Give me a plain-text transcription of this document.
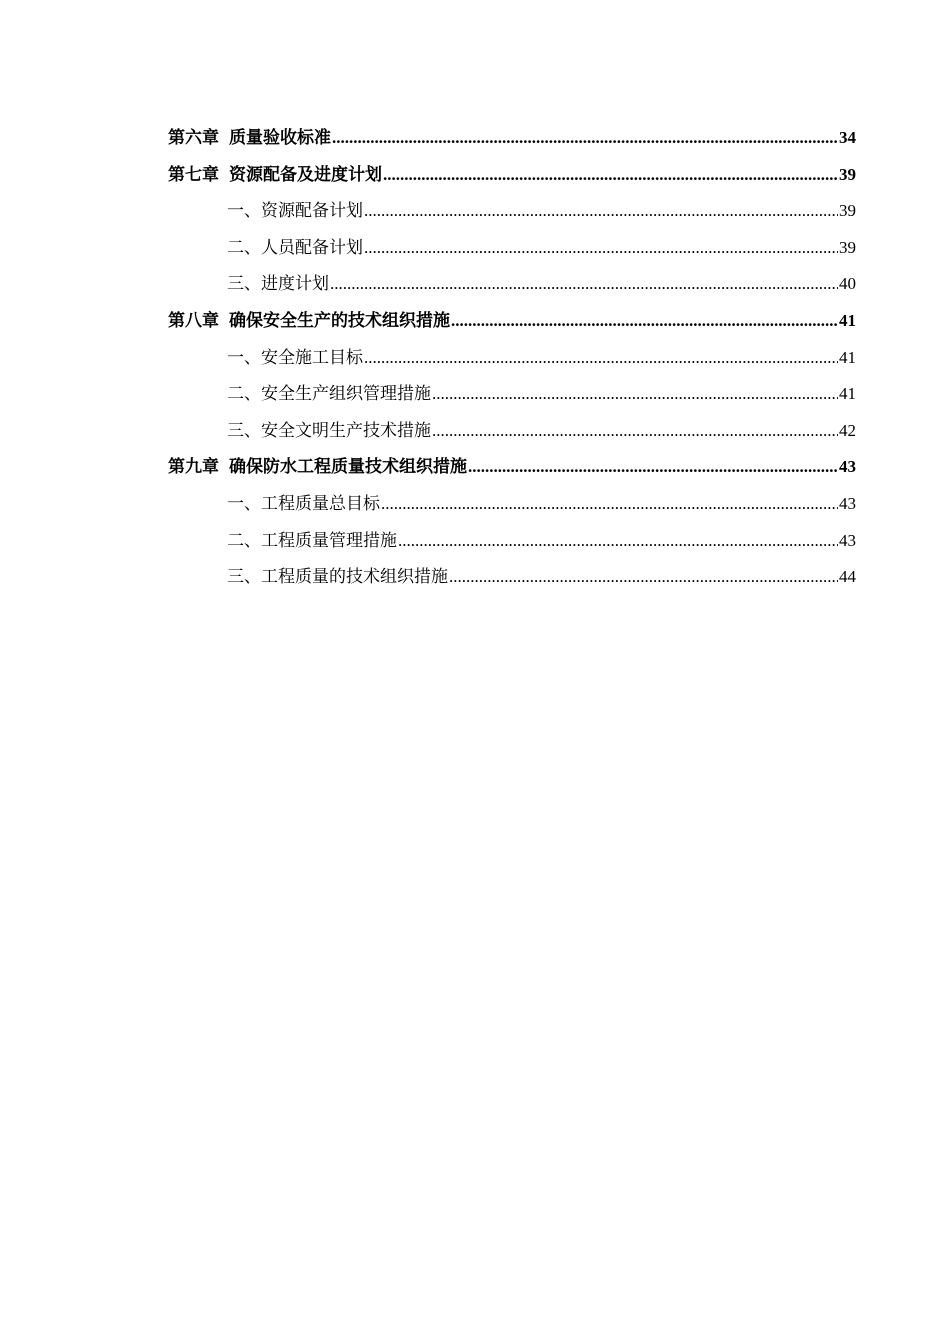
第六章 质量验收标准 .....	34
第七章 资源配备及进度计划 .....	39
一、资源配备计划 .....	39
二、人员配备计划 .....	39
三、进度计划 .....	40
第八章 确保安全生产的技术组织措施 .....	41
一、安全施工目标 .....	41
二、安全生产组织管理措施 .....	41
三、安全文明生产技术措施 .....	42
第九章 确保防水工程质量技术组织措施 .....	43
一、工程质量总目标 .....	43
二、工程质量管理措施 .....	43
三、工程质量的技术组织措施 .....	44
